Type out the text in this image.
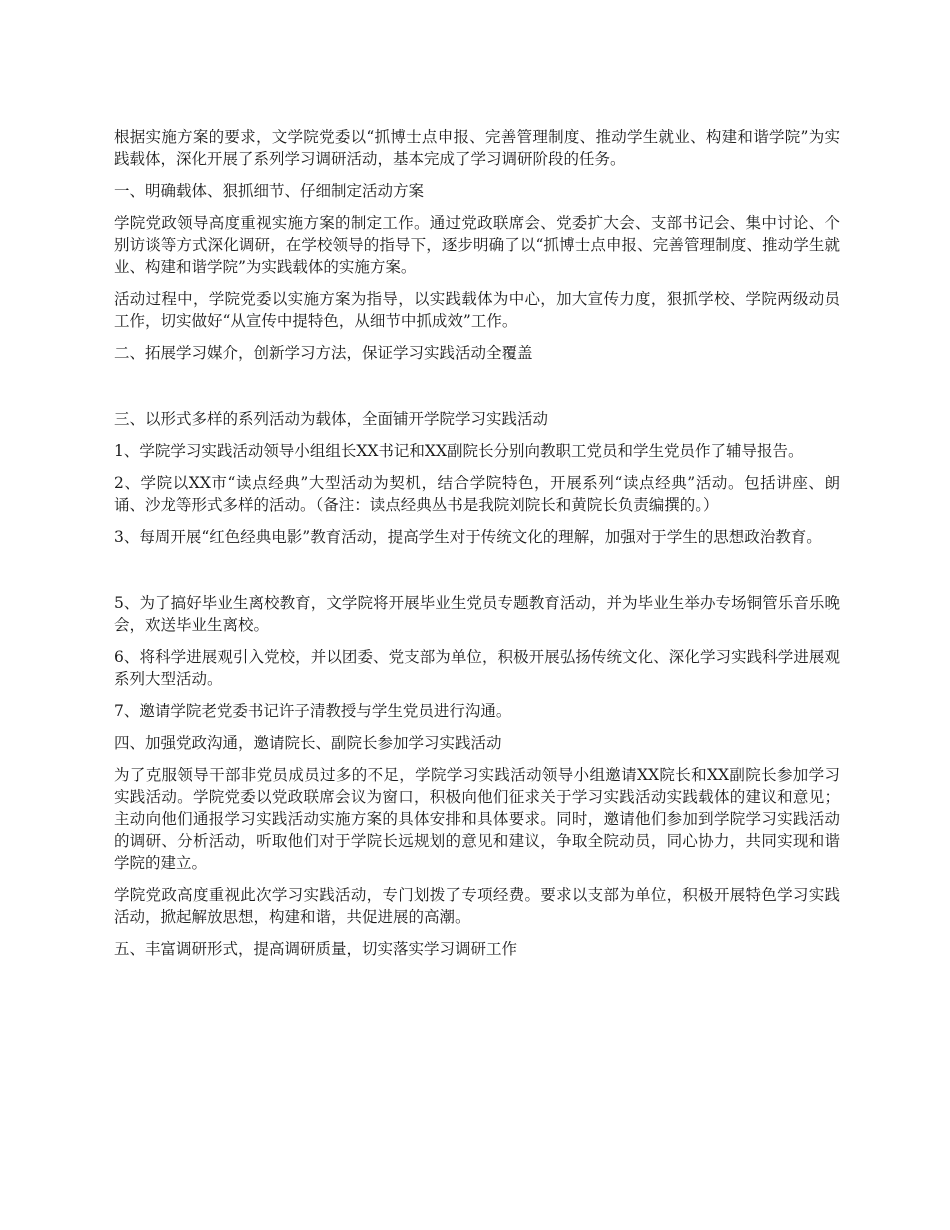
根据实施方案的要求，文学院党委以“抓博士点申报、完善管理制度、推动学生就业、构建和谐学院”为实践载体，深化开展了系列学习调研活动，基本完成了学习调研阶段的任务。

一、明确载体、狠抓细节、仔细制定活动方案

学院党政领导高度重视实施方案的制定工作。通过党政联席会、党委扩大会、支部书记会、集中讨论、个别访谈等方式深化调研，在学校领导的指导下，逐步明确了以“抓博士点申报、完善管理制度、推动学生就业、构建和谐学院”为实践载体的实施方案。

活动过程中，学院党委以实施方案为指导，以实践载体为中心，加大宣传力度，狠抓学校、学院两级动员工作，切实做好“从宣传中提特色，从细节中抓成效”工作。

二、拓展学习媒介，创新学习方法，保证学习实践活动全覆盖

三、以形式多样的系列活动为载体，全面铺开学院学习实践活动

1、学院学习实践活动领导小组组长XX书记和XX副院长分别向教职工党员和学生党员作了辅导报告。

2、学院以XX市“读点经典”大型活动为契机，结合学院特色，开展系列“读点经典”活动。包括讲座、朗诵、沙龙等形式多样的活动。（备注：读点经典丛书是我院刘院长和黄院长负责编撰的。）

3、每周开展“红色经典电影”教育活动，提高学生对于传统文化的理解，加强对于学生的思想政治教育。

5、为了搞好毕业生离校教育，文学院将开展毕业生党员专题教育活动，并为毕业生举办专场铜管乐音乐晚会，欢送毕业生离校。

6、将科学进展观引入党校，并以团委、党支部为单位，积极开展弘扬传统文化、深化学习实践科学进展观系列大型活动。

7、邀请学院老党委书记许子清教授与学生党员进行沟通。

四、加强党政沟通，邀请院长、副院长参加学习实践活动

为了克服领导干部非党员成员过多的不足，学院学习实践活动领导小组邀请XX院长和XX副院长参加学习实践活动。学院党委以党政联席会议为窗口，积极向他们征求关于学习实践活动实践载体的建议和意见；主动向他们通报学习实践活动实施方案的具体安排和具体要求。同时，邀请他们参加到学院学习实践活动的调研、分析活动，听取他们对于学院长远规划的意见和建议，争取全院动员，同心协力，共同实现和谐学院的建立。

学院党政高度重视此次学习实践活动，专门划拨了专项经费。要求以支部为单位，积极开展特色学习实践活动，掀起解放思想，构建和谐，共促进展的高潮。

五、丰富调研形式，提高调研质量，切实落实学习调研工作
